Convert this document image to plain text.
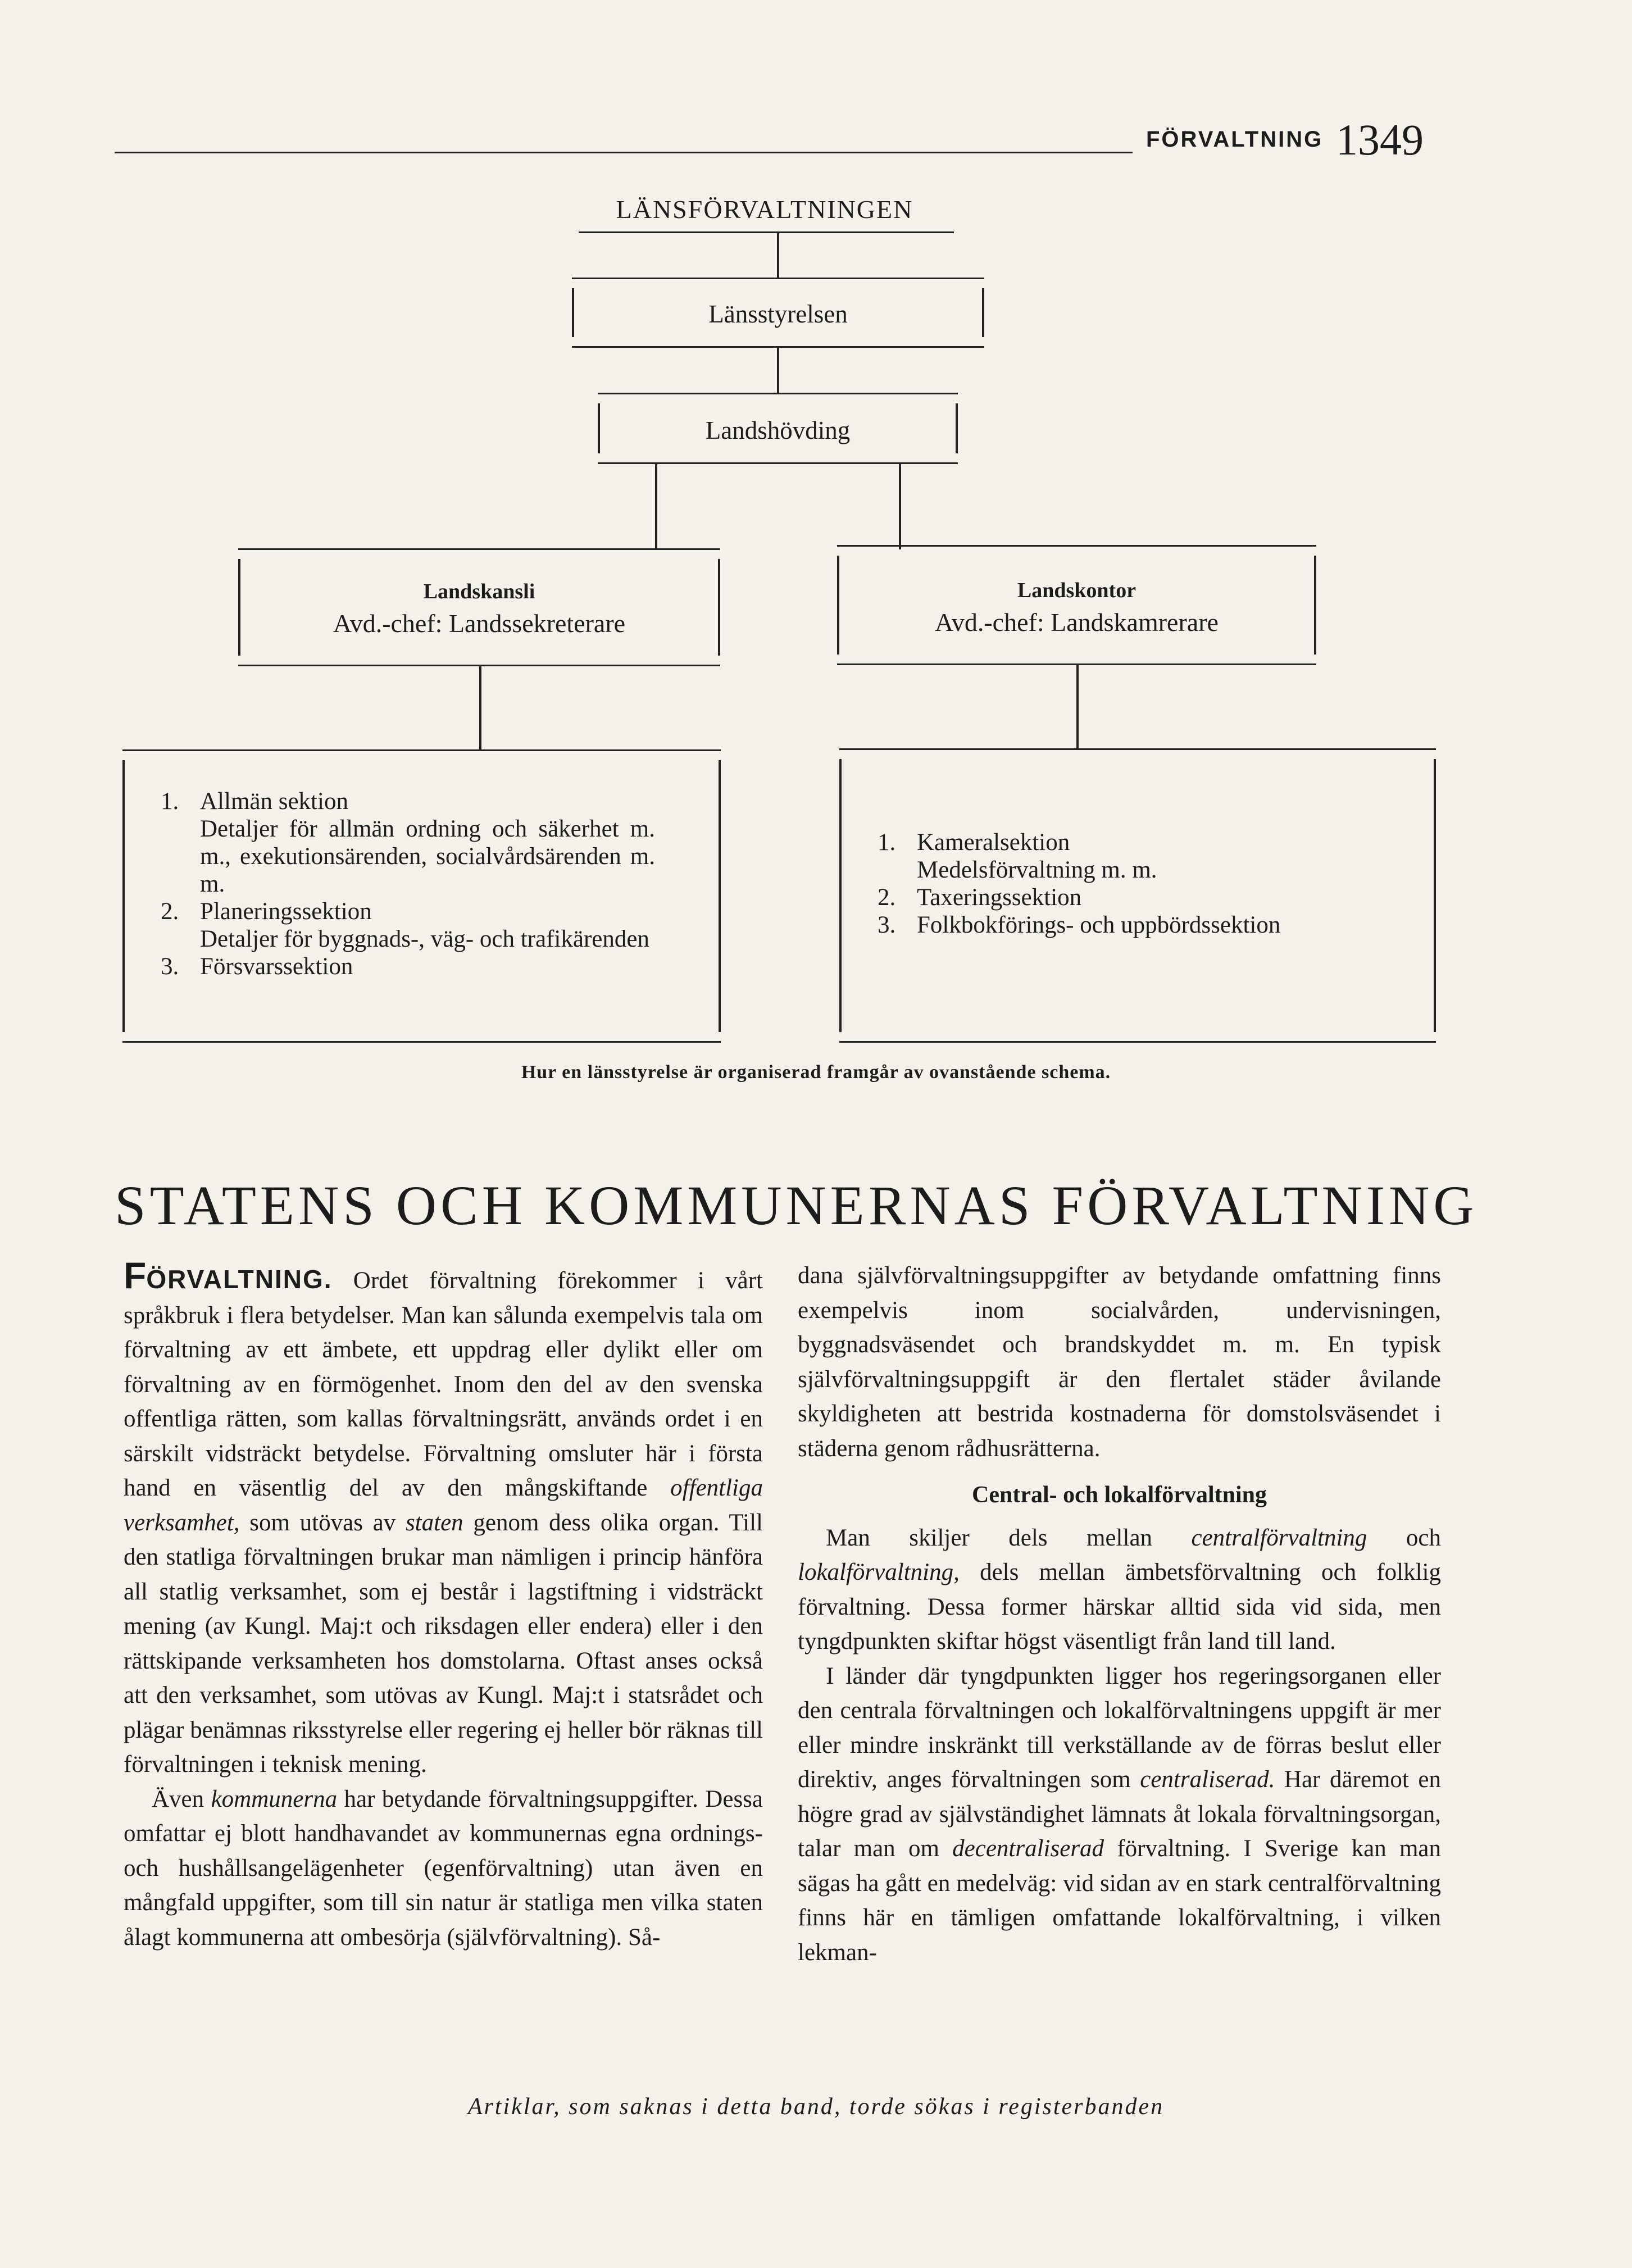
FÖRVALTNING 1349
LÄNSFÖRVALTNINGEN
Länsstyrelsen
Landshövding
Landskansli
Avd.-chef: Landssekreterare
Landskontor
Avd.-chef: Landskamrerare
1. Allmän sektion
Detaljer för allmän ordning och säkerhet m. m., exekutionsärenden, socialvårdsärenden m. m.
2. Planeringssektion
Detaljer för byggnads-, väg- och trafikärenden
3. Försvarssektion
1. Kameralsektion
Medelsförvaltning m. m.
2. Taxeringssektion
3. Folkbokförings- och uppbördssektion
Hur en länsstyrelse är organiserad framgår av ovanstående schema.
STATENS OCH KOMMUNERNAS FÖRVALTNING

FÖRVALTNING. Ordet förvaltning förekommer i vårt språkbruk i flera betydelser. Man kan sålunda exempelvis tala om förvaltning av ett ämbete, ett uppdrag eller dylikt eller om förvaltning av en förmögenhet. Inom den del av den svenska offentliga rätten, som kallas förvaltningsrätt, används ordet i en särskilt vidsträckt betydelse. Förvaltning omsluter här i första hand en väsentlig del av den mångskiftande offentliga verksamhet, som utövas av staten genom dess olika organ. Till den statliga förvaltningen brukar man nämligen i princip hänföra all statlig verksamhet, som ej består i lagstiftning i vidsträckt mening (av Kungl. Maj:t och riksdagen eller endera) eller i den rättskipande verksamheten hos domstolarna. Oftast anses också att den verksamhet, som utövas av Kungl. Maj:t i statsrådet och plägar benämnas riksstyrelse eller regering ej heller bör räknas till förvaltningen i teknisk mening.

Även kommunerna har betydande förvaltningsuppgifter. Dessa omfattar ej blott handhavandet av kommunernas egna ordnings- och hushållsangelägenheter (egenförvaltning) utan även en mångfald uppgifter, som till sin natur är statliga men vilka staten ålagt kommunerna att ombesörja (självförvaltning). Så-

dana självförvaltningsuppgifter av betydande omfattning finns exempelvis inom socialvården, undervisningen, byggnadsväsendet och brandskyddet m. m. En typisk självförvaltningsuppgift är den flertalet städer åvilande skyldigheten att bestrida kostnaderna för domstolsväsendet i städerna genom rådhusrätterna.

Central- och lokalförvaltning

Man skiljer dels mellan centralförvaltning och lokalförvaltning, dels mellan ämbetsförvaltning och folklig förvaltning. Dessa former härskar alltid sida vid sida, men tyngdpunkten skiftar högst väsentligt från land till land.

I länder där tyngdpunkten ligger hos regeringsorganen eller den centrala förvaltningen och lokalförvaltningens uppgift är mer eller mindre inskränkt till verkställande av de förras beslut eller direktiv, anges förvaltningen som centraliserad. Har däremot en högre grad av självständighet lämnats åt lokala förvaltningsorgan, talar man om decentraliserad förvaltning. I Sverige kan man sägas ha gått en medelväg: vid sidan av en stark centralförvaltning finns här en tämligen omfattande lokalförvaltning, i vilken lekman-

Artiklar, som saknas i detta band, torde sökas i registerbanden
